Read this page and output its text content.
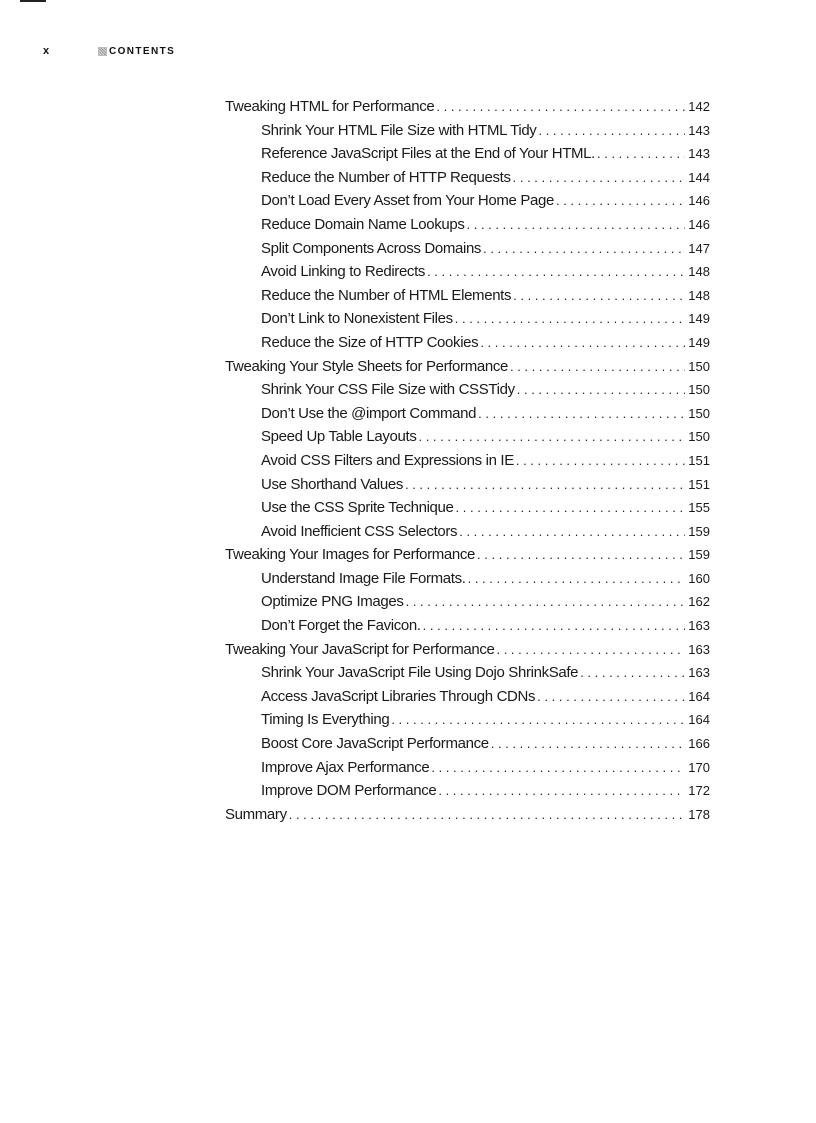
x	CONTENTS
Tweaking HTML for Performance . . .	142
Shrink Your HTML File Size with HTML Tidy . . .	143
Reference JavaScript Files at the End of Your HTML. . . .	143
Reduce the Number of HTTP Requests . . .	144
Don’t Load Every Asset from Your Home Page . . .	146
Reduce Domain Name Lookups . . .	146
Split Components Across Domains . . .	147
Avoid Linking to Redirects . . .	148
Reduce the Number of HTML Elements . . .	148
Don’t Link to Nonexistent Files . . .	149
Reduce the Size of HTTP Cookies . . .	149
Tweaking Your Style Sheets for Performance . . .	150
Shrink Your CSS File Size with CSSTidy . . .	150
Don’t Use the @import Command . . .	150
Speed Up Table Layouts . . .	150
Avoid CSS Filters and Expressions in IE . . .	151
Use Shorthand Values . . .	151
Use the CSS Sprite Technique . . .	155
Avoid Inefficient CSS Selectors . . .	159
Tweaking Your Images for Performance . . .	159
Understand Image File Formats. . . .	160
Optimize PNG Images . . .	162
Don’t Forget the Favicon. . . .	163
Tweaking Your JavaScript for Performance . . .	163
Shrink Your JavaScript File Using Dojo ShrinkSafe . . .	163
Access JavaScript Libraries Through CDNs . . .	164
Timing Is Everything . . .	164
Boost Core JavaScript Performance . . .	166
Improve Ajax Performance . . .	170
Improve DOM Performance . . .	172
Summary . . .	178
